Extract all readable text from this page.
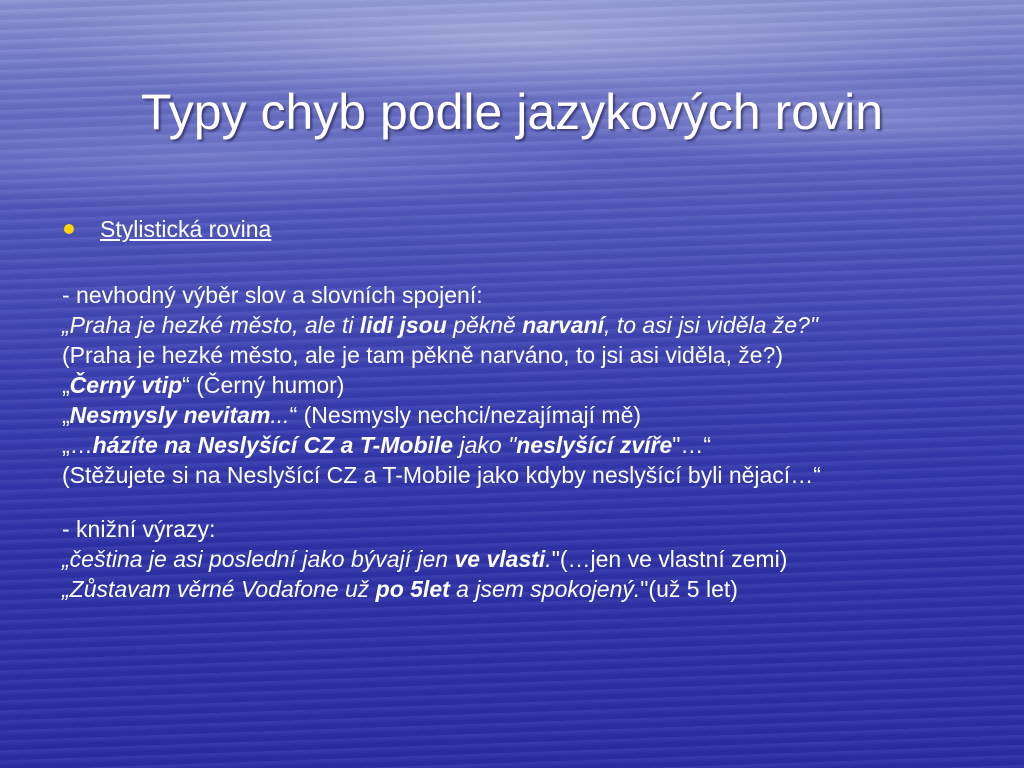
Typy chyb podle jazykových rovin
Stylistická rovina

- nevhodný výběr slov a slovních spojení:

„Praha je hezké město, ale ti lidi jsou pěkně narvaní, to asi jsi viděla že?"

(Praha je hezké město, ale je tam pěkně narváno, to jsi asi viděla, že?)

„Černý vtip“ (Černý humor)

„Nesmysly nevitam...“ (Nesmysly nechci/nezajímají mě)

„…házíte na Neslyšící CZ a T-Mobile jako "neslyšící zvíře"…“

(Stěžujete si na Neslyšící CZ a T-Mobile jako kdyby neslyšící byli nějací…“

- knižní výrazy:

„čeština je asi poslední jako bývají jen ve vlasti."(…jen ve vlastní zemi)

„Zůstavam věrné Vodafone už po 5let a jsem spokojený."(už 5 let)
